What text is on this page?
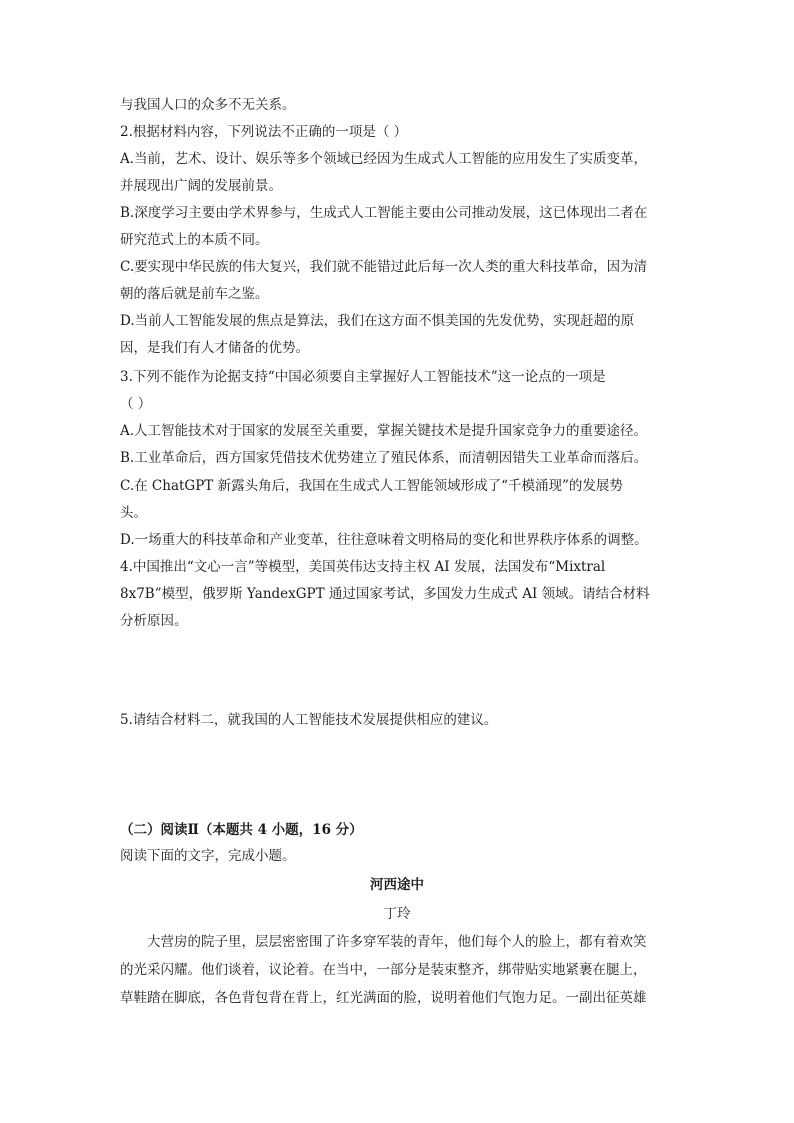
与我国人口的众多不无关系。
2.根据材料内容，下列说法不正确的一项是（ ）
A.当前，艺术、设计、娱乐等多个领域已经因为生成式人工智能的应用发生了实质变革，
并展现出广阔的发展前景。
B.深度学习主要由学术界参与，生成式人工智能主要由公司推动发展，这已体现出二者在
研究范式上的本质不同。
C.要实现中华民族的伟大复兴，我们就不能错过此后每一次人类的重大科技革命，因为清
朝的落后就是前车之鉴。
D.当前人工智能发展的焦点是算法，我们在这方面不惧美国的先发优势，实现赶超的原
因，是我们有人才储备的优势。
3.下列不能作为论据支持“中国必须要自主掌握好人工智能技术”这一论点的一项是
（ ）
A.人工智能技术对于国家的发展至关重要，掌握关键技术是提升国家竞争力的重要途径。
B.工业革命后，西方国家凭借技术优势建立了殖民体系，而清朝因错失工业革命而落后。
C.在 ChatGPT 新露头角后，我国在生成式人工智能领域形成了“千模涌现”的发展势
头。
D.一场重大的科技革命和产业变革，往往意味着文明格局的变化和世界秩序体系的调整。
4.中国推出“文心一言”等模型，美国英伟达支持主权 AI 发展，法国发布“Mixtral
8x7B”模型，俄罗斯 YandexGPT 通过国家考试，多国发力生成式 AI 领域。请结合材料
分析原因。
5.请结合材料二，就我国的人工智能技术发展提供相应的建议。
（二）阅读Ⅱ（本题共 4 小题，16 分）
阅读下面的文字，完成小题。
河西途中
丁玲
大营房的院子里，层层密密围了许多穿军装的青年，他们每个人的脸上，都有着欢笑
的光采闪耀。他们谈着，议论着。在当中，一部分是装束整齐，绑带贴实地紧裹在腿上，
草鞋踏在脚底，各色背包背在背上，红光满面的脸，说明着他们气饱力足。一副出征英雄
